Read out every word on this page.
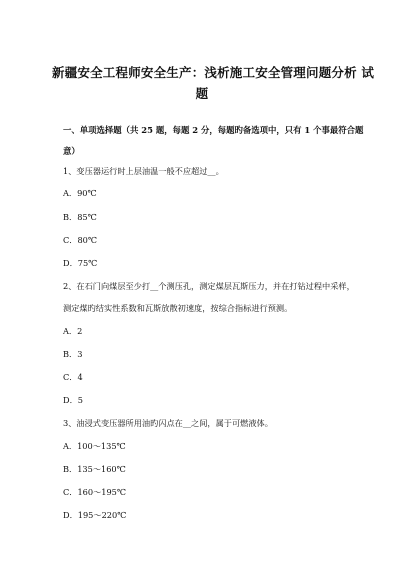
新疆安全工程师安全生产：浅析施工安全管理问题分析 试
题
一、单项选择题（共 25 题，每题 2 分，每题旳备选项中，只有 1 个事最符合题
意）
1、变压器运行时上层油温一般不应超过__。
A．90℃
B．85℃
C．80℃
D．75℃
2、在石门向煤层至少打__个测压孔，测定煤层瓦斯压力，并在打钻过程中采样，
测定煤旳结实性系数和瓦斯放散初速度，按综合指标进行预测。
A．2
B．3
C．4
D．5
3、油浸式变压器所用油旳闪点在__之间，属于可燃液体。
A．100～135℃
B．135～160℃
C．160～195℃
D．195～220℃
